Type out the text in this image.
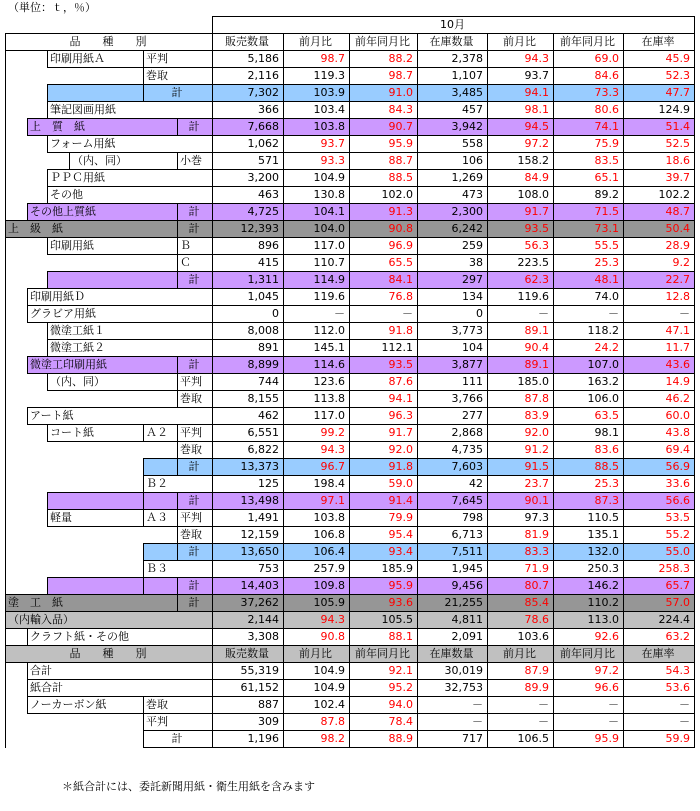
（単位：ｔ，％）
						10月						
品　　種　　別						販売数量	前月比	前年同月比	在庫数量	前月比	前年同月比	在庫率
		印刷用紙Ａ		平判		5,186	98.7	88.2	2,378	94.3	69.0	45.9
				巻取		2,116	119.3	98.7	1,107	93.7	84.6	52.3
				計		7,302	103.9	91.0	3,485	94.1	73.3	47.7
		筆記図画用紙				366	103.4	84.3	457	98.1	80.6	124.9
	上　質　紙				計	7,668	103.8	90.7	3,942	94.5	74.1	51.4
		フォーム用紙				1,062	93.7	95.9	558	97.2	75.9	52.5
			（内、同）		小巻	571	93.3	88.7	106	158.2	83.5	18.6
		ＰＰＣ用紙				3,200	104.9	88.5	1,269	84.9	65.1	39.7
		その他				463	130.8	102.0	473	108.0	89.2	102.2
	その他上質紙				計	4,725	104.1	91.3	2,300	91.7	71.5	48.7
上　級　紙					計	12,393	104.0	90.8	6,242	93.5	73.1	50.4
		印刷用紙			Ｂ	896	117.0	96.9	259	56.3	55.5	28.9
					Ｃ	415	110.7	65.5	38	223.5	25.3	9.2
					計	1,311	114.9	84.1	297	62.3	48.1	22.7
	印刷用紙Ｄ					1,045	119.6	76.8	134	119.6	74.0	12.8
	グラビア用紙					0	－	－	0	－	－	－
		微塗工紙１				8,008	112.0	91.8	3,773	89.1	118.2	47.1
		微塗工紙２				891	145.1	112.1	104	90.4	24.2	11.7
	微塗工印刷用紙				計	8,899	114.6	93.5	3,877	89.1	107.0	43.6
		（内、同）			平判	744	123.6	87.6	111	185.0	163.2	14.9
					巻取	8,155	113.8	94.1	3,766	87.8	106.0	46.2
	アート紙					462	117.0	96.3	277	83.9	63.5	60.0
		コート紙		Ａ２	平判	6,551	99.2	91.7	2,868	92.0	98.1	43.8
					巻取	6,822	94.3	92.0	4,735	91.2	83.6	69.4
					計	13,373	96.7	91.8	7,603	91.5	88.5	56.9
				Ｂ２		125	198.4	59.0	42	23.7	25.3	33.6
					計	13,498	97.1	91.4	7,645	90.1	87.3	56.6
		軽量		Ａ３	平判	1,491	103.8	79.9	798	97.3	110.5	53.5
					巻取	12,159	106.8	95.4	6,713	81.9	135.1	55.2
					計	13,650	106.4	93.4	7,511	83.3	132.0	55.0
				Ｂ３		753	257.9	185.9	1,945	71.9	250.3	258.3
					計	14,403	109.8	95.9	9,456	80.7	146.2	65.7
塗　工　紙					計	37,262	105.9	93.6	21,255	85.4	110.2	57.0
（内輸入品）						2,144	94.3	105.5	4,811	78.6	113.0	224.4
	クラフト紙・その他					3,308	90.8	88.1	2,091	103.6	92.6	63.2
品　　種　　別						販売数量	前月比	前年同月比	在庫数量	前月比	前年同月比	在庫率
	合計					55,319	104.9	92.1	30,019	87.9	97.2	54.3
	紙合計					61,152	104.9	95.2	32,753	89.9	96.6	53.6
	ノーカーボン紙			巻取		887	102.4	94.0	－	－	－	－
				平判		309	87.8	78.4	－	－	－	－
				計		1,196	98.2	88.9	717	106.5	95.9	59.9
＊紙合計には、委託新聞用紙・衛生用紙を含みます
